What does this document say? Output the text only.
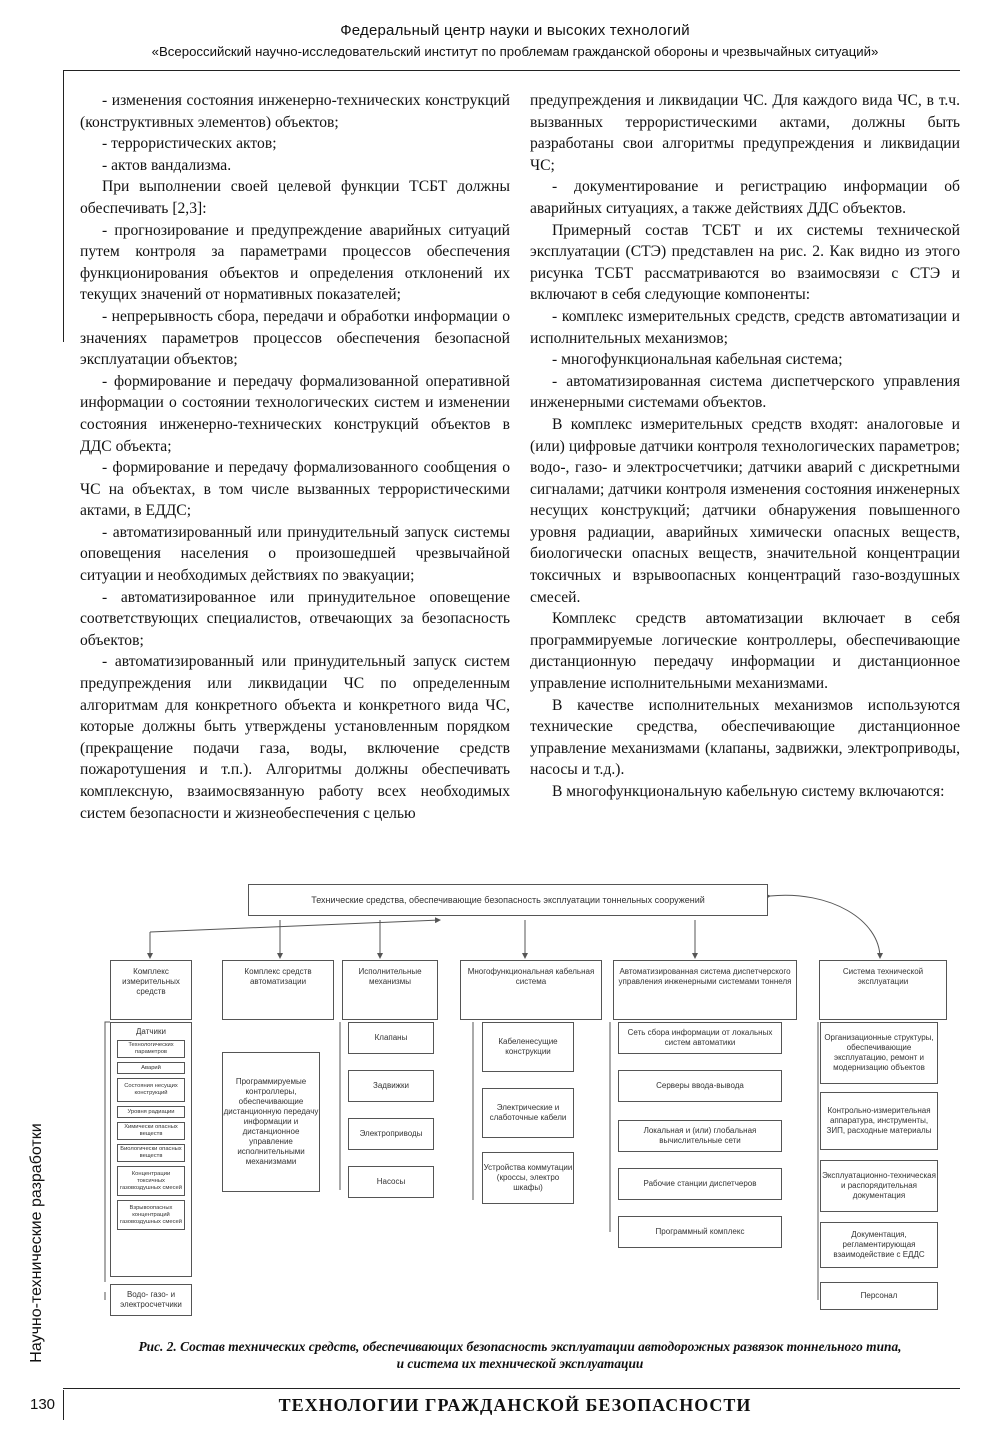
Федеральный центр науки и высоких технологий
«Всероссийский научно-исследовательский институт по проблемам гражданской обороны и чрезвычайных ситуаций»

- изменения состояния инженерно-технических конструкций (конструктивных элементов) объектов;

- террористических актов;

- актов вандализма.

При выполнении своей целевой функции ТСБТ должны обеспечивать [2,3]:

- прогнозирование и предупреждение аварийных ситуаций путем контроля за параметрами процессов обеспечения функционирования объектов и определения отклонений их текущих значений от нормативных показателей;

- непрерывность сбора, передачи и обработки информации о значениях параметров процессов обеспечения безопасной эксплуатации объектов;

- формирование и передачу формализованной оперативной информации о состоянии технологических систем и изменении состояния инженерно-технических конструкций объектов в ДДС объекта;

- формирование и передачу формализованного сообщения о ЧС на объектах, в том числе вызванных террористическими актами, в ЕДДС;

- автоматизированный или принудительный запуск системы оповещения населения о произошедшей чрезвычайной ситуации и необходимых действиях по эвакуации;

- автоматизированное или принудительное оповещение соответствующих специалистов, отвечающих за безопасность объектов;

- автоматизированный или принудительный запуск систем предупреждения или ликвидации ЧС по определенным алгоритмам для конкретного объекта и конкретного вида ЧС, которые должны быть утверждены установленным порядком (прекращение подачи газа, воды, включение средств пожаротушения и т.п.). Алгоритмы должны обеспечивать комплексную, взаимосвязанную работу всех необходимых систем безопасности и жизнеобеспечения с целью

предупреждения и ликвидации ЧС. Для каждого вида ЧС, в т.ч. вызванных террористическими актами, должны быть разработаны свои алгоритмы предупреждения и ликвидации ЧС;

- документирование и регистрацию информации об аварийных ситуациях, а также действиях ДДС объектов.

Примерный состав ТСБТ и их системы технической эксплуатации (СТЭ) представлен на рис. 2. Как видно из этого рисунка ТСБТ рассматриваются во взаимосвязи с СТЭ и включают в себя следующие компоненты:

- комплекс измерительных средств, средств автоматизации и исполнительных механизмов;

- многофункциональная кабельная система;

- автоматизированная система диспетчерского управления инженерными системами объектов.

В комплекс измерительных средств входят: аналоговые и (или) цифровые датчики контроля технологических параметров; водо-, газо- и электросчетчики; датчики аварий с дискретными сигналами; датчики контроля изменения состояния инженерных несущих конструкций; датчики обнаружения повышенного уровня радиации, аварийных химически опасных веществ, биологически опасных веществ, значительной концентрации токсичных и взрывоопасных концентраций газо-воздушных смесей.

Комплекс средств автоматизации включает в себя программируемые логические контроллеры, обеспечивающие дистанционную передачу информации и дистанционное управление исполнительными механизмами.

В качестве исполнительных механизмов используются технические средства, обеспечивающие дистанционное управление механизмами (клапаны, задвижки, электроприводы, насосы и т.д.).

В многофункциональную кабельную систему включаются:

Технические средства, обеспечивающие безопасность эксплуатации тоннельных сооружений
Комплекс измерительных средств
Комплекс средств автоматизации
Исполнительные механизмы
Многофункциональная кабельная система
Автоматизированная система диспетчерского управления инженерными системами тоннеля
Система технической эксплуатации
Датчики
Технологических параметров
Аварий
Состояния несущих конструкций
Уровня радиации
Химически опасных веществ
Биологически опасных веществ
Концентрации токсичных газовоздушных смесей
Взрывоопасных концентраций газовоздушных смесей
Водо- газо- и электросчетчики
Программируемые контроллеры, обеспечивающие дистанционную передачу информации и дистанционное управление исполнительными механизмами
Клапаны
Задвижки
Электроприводы
Насосы
Кабеленесущие конструкции
Электрические и слаботочные кабели
Устройства коммутации (кроссы, электро шкафы)
Сеть сбора информации от локальных систем автоматики
Серверы ввода-вывода
Локальная и (или) глобальная вычислительные сети
Рабочие станции диспетчеров
Программный комплекс
Организационные структуры, обеспечивающие эксплуатацию, ремонт и модернизацию объектов
Контрольно-измерительная аппаратура, инструменты, ЗИП, расходные материалы
Эксплуатационно-техническая и распорядительная документация
Документация, регламентирующая взаимодействие с ЕДДС
Персонал
Рис. 2. Состав технических средств, обеспечивающих безопасность эксплуатации автодорожных развязок тоннельного типа,
и система их технической эксплуатации
Научно-технические разработки
130	ТЕХНОЛОГИИ ГРАЖДАНСКОЙ БЕЗОПАСНОСТИ
